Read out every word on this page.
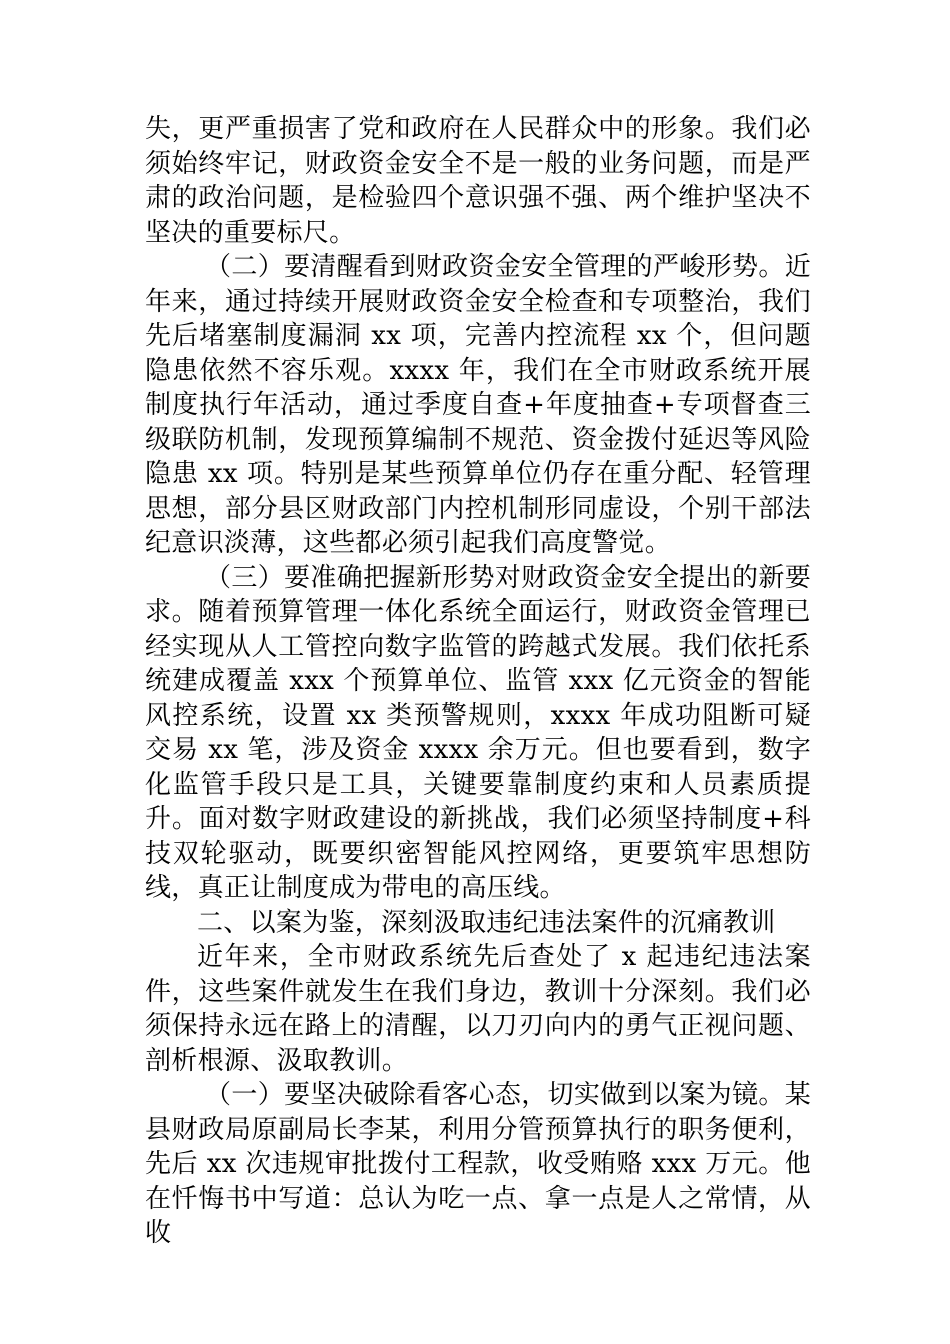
失，更严重损害了党和政府在人民群众中的形象。我们必须始终牢记，财政资金安全不是一般的业务问题，而是严肃的政治问题，是检验四个意识强不强、两个维护坚决不坚决的重要标尺。

（二）要清醒看到财政资金安全管理的严峻形势。近年来，通过持续开展财政资金安全检查和专项整治，我们先后堵塞制度漏洞 xx 项，完善内控流程 xx 个，但问题隐患依然不容乐观。xxxx 年，我们在全市财政系统开展制度执行年活动，通过季度自查+年度抽查+专项督查三级联防机制，发现预算编制不规范、资金拨付延迟等风险隐患 xx 项。特别是某些预算单位仍存在重分配、轻管理思想，部分县区财政部门内控机制形同虚设，个别干部法纪意识淡薄，这些都必须引起我们高度警觉。

（三）要准确把握新形势对财政资金安全提出的新要求。随着预算管理一体化系统全面运行，财政资金管理已经实现从人工管控向数字监管的跨越式发展。我们依托系统建成覆盖 xxx 个预算单位、监管 xxx 亿元资金的智能风控系统，设置 xx 类预警规则，xxxx 年成功阻断可疑交易 xx 笔，涉及资金 xxxx 余万元。但也要看到，数字化监管手段只是工具，关键要靠制度约束和人员素质提升。面对数字财政建设的新挑战，我们必须坚持制度+科技双轮驱动，既要织密智能风控网络，更要筑牢思想防线，真正让制度成为带电的高压线。

二、以案为鉴，深刻汲取违纪违法案件的沉痛教训

近年来，全市财政系统先后查处了 x 起违纪违法案件，这些案件就发生在我们身边，教训十分深刻。我们必须保持永远在路上的清醒，以刀刃向内的勇气正视问题、剖析根源、汲取教训。

（一）要坚决破除看客心态，切实做到以案为镜。某县财政局原副局长李某，利用分管预算执行的职务便利，先后 xx 次违规审批拨付工程款，收受贿赂 xxx 万元。他在忏悔书中写道：总认为吃一点、拿一点是人之常情，从收
